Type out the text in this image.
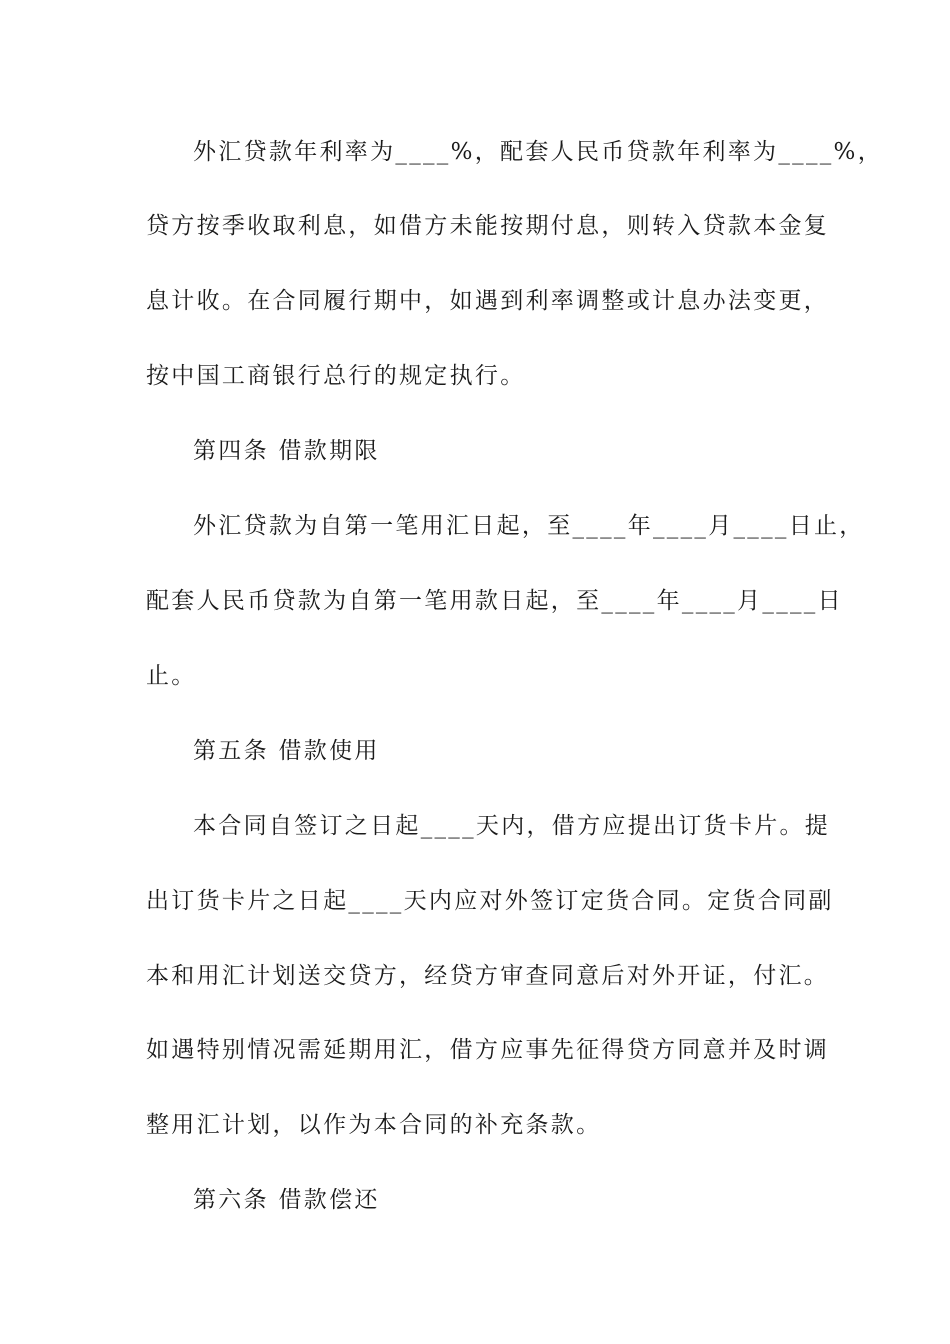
外汇贷款年利率为____%，配套人民币贷款年利率为____%，
贷方按季收取利息，如借方未能按期付息，则转入贷款本金复
息计收。在合同履行期中，如遇到利率调整或计息办法变更，
按中国工商银行总行的规定执行。
第四条 借款期限
外汇贷款为自第一笔用汇日起，至____年____月____日止，
配套人民币贷款为自第一笔用款日起，至____年____月____日
止。
第五条 借款使用
本合同自签订之日起____天内，借方应提出订货卡片。提
出订货卡片之日起____天内应对外签订定货合同。定货合同副
本和用汇计划送交贷方，经贷方审查同意后对外开证，付汇。
如遇特别情况需延期用汇，借方应事先征得贷方同意并及时调
整用汇计划，以作为本合同的补充条款。
第六条 借款偿还
